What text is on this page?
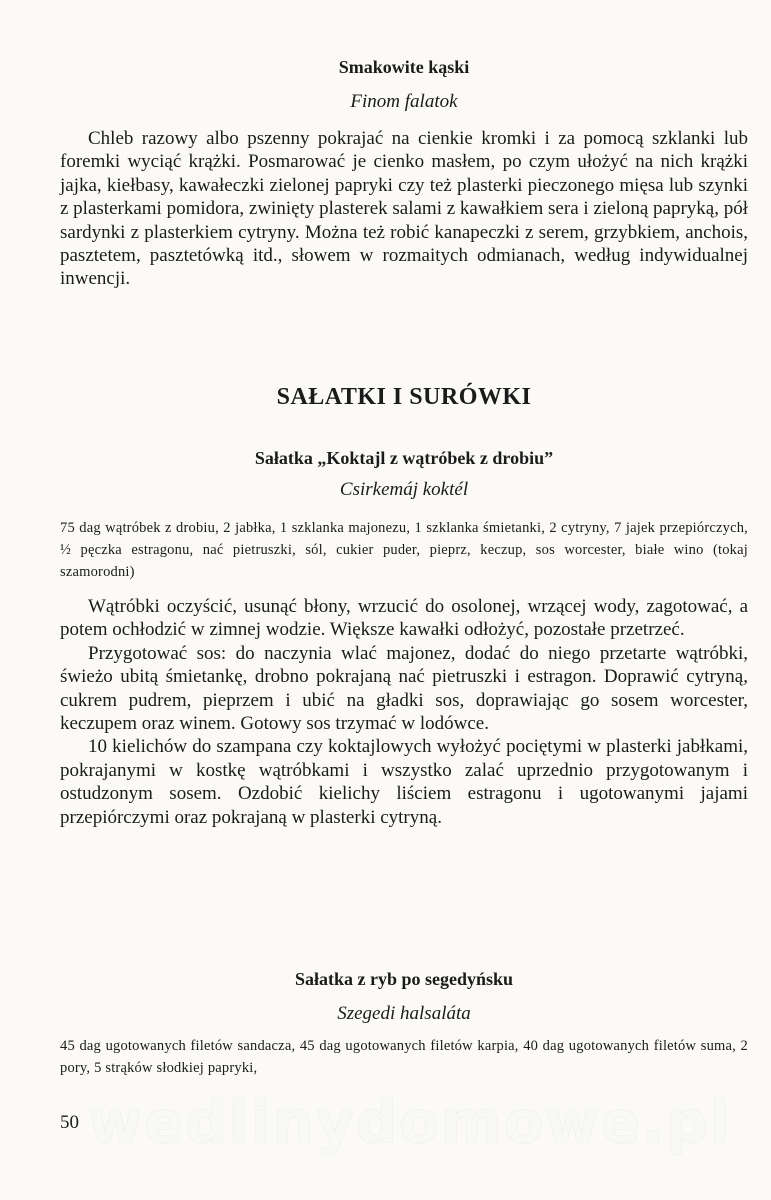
Smakowite kąski
Finom falatok

Chleb razowy albo pszenny pokrajać na cienkie kromki i za pomocą szklanki lub foremki wyciąć krążki. Posmarować je cienko masłem, po czym ułożyć na nich krążki jajka, kiełbasy, kawałeczki zielonej papryki czy też plasterki pieczonego mięsa lub szynki z plasterkami pomidora, zwinięty plasterek salami z kawałkiem sera i zieloną papryką, pół sardynki z plasterkiem cytryny. Można też robić kanapeczki z serem, grzybkiem, anchois, pasztetem, pasztetówką itd., słowem w rozmaitych odmianach, według indywidualnej inwencji.

SAŁATKI I SURÓWKI
Sałatka „Koktajl z wątróbek z drobiu”
Csirkemáj koktél

75 dag wątróbek z drobiu, 2 jabłka, 1 szklanka majonezu, 1 szklanka śmietanki, 2 cytryny, 7 jajek przepiórczych, ½ pęczka estragonu, nać pietruszki, sól, cukier puder, pieprz, keczup, sos worcester, białe wino (tokaj szamorodni)

Wątróbki oczyścić, usunąć błony, wrzucić do osolonej, wrzącej wody, zagotować, a potem ochłodzić w zimnej wodzie. Większe kawałki odłożyć, pozostałe przetrzeć.

Przygotować sos: do naczynia wlać majonez, dodać do niego przetarte wątróbki, świeżo ubitą śmietankę, drobno pokrajaną nać pietruszki i estragon. Doprawić cytryną, cukrem pudrem, pieprzem i ubić na gładki sos, doprawiając go sosem worcester, keczupem oraz winem. Gotowy sos trzymać w lodówce.

10 kielichów do szampana czy koktajlowych wyłożyć pociętymi w plasterki jabłkami, pokrajanymi w kostkę wątróbkami i wszystko zalać uprzednio przygotowanym i ostudzonym sosem. Ozdobić kielichy liściem estragonu i ugotowanymi jajami przepiórczymi oraz pokrajaną w plasterki cytryną.

Sałatka z ryb po segedyńsku
Szegedi halsaláta

45 dag ugotowanych filetów sandacza, 45 dag ugotowanych filetów karpia, 40 dag ugotowanych filetów suma, 2 pory, 5 strąków słodkiej papryki,

wedlinydomowe.pl
50
